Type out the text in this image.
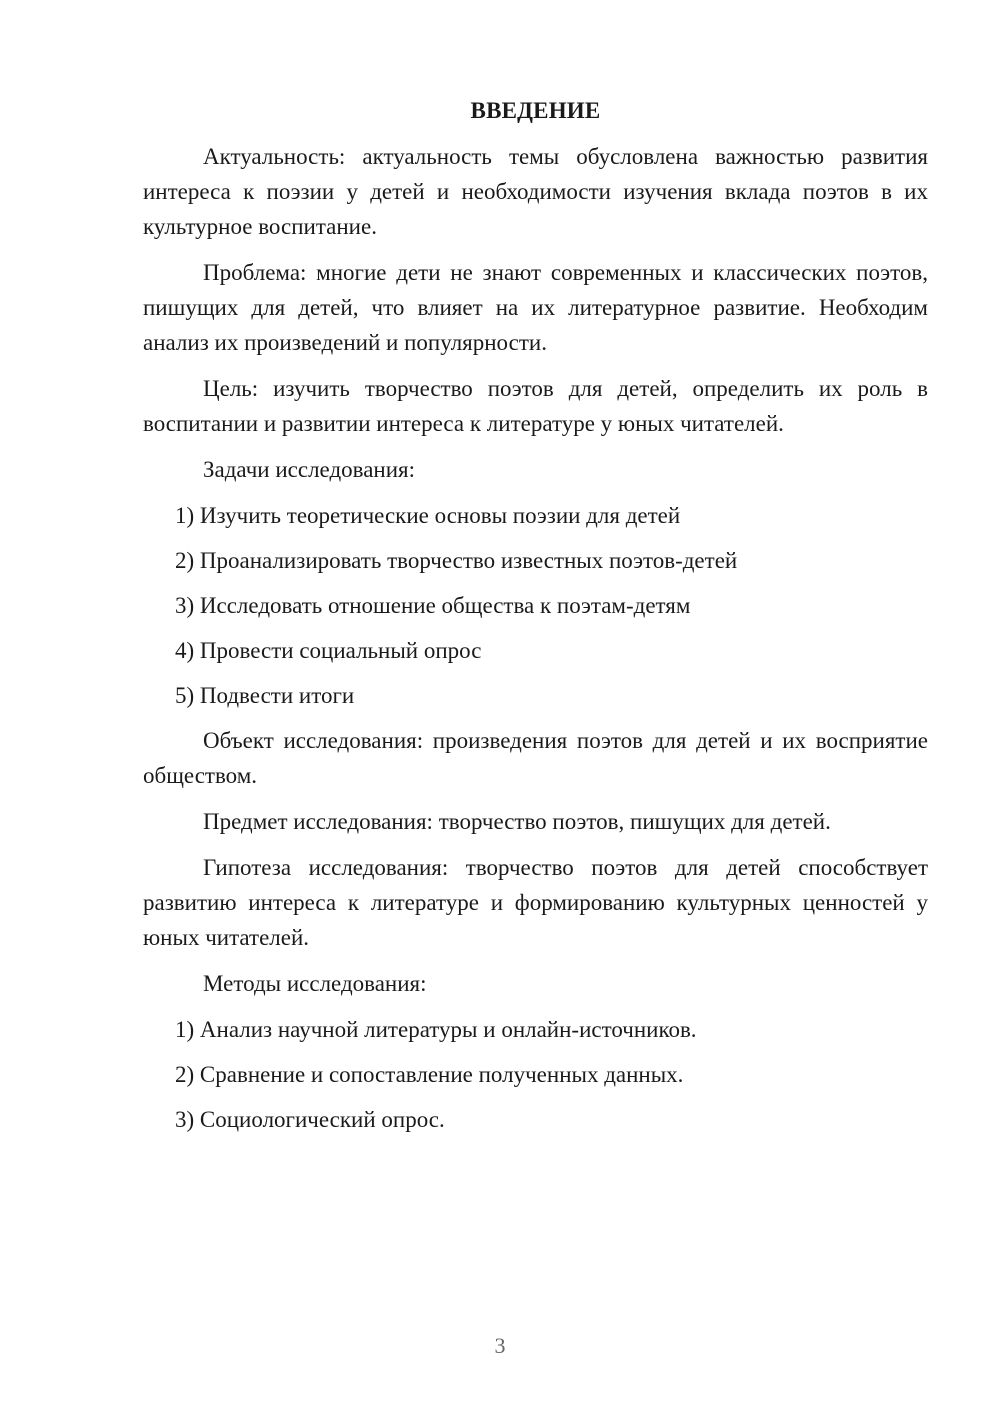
ВВЕДЕНИЕ

Актуальность: актуальность темы обусловлена важностью развития интереса к поэзии у детей и необходимости изучения вклада поэтов в их культурное воспитание.

Проблема: многие дети не знают современных и классических поэтов, пишущих для детей, что влияет на их литературное развитие. Необходим анализ их произведений и популярности.

Цель: изучить творчество поэтов для детей, определить их роль в воспитании и развитии интереса к литературе у юных читателей.

Задачи исследования:

1) Изучить теоретические основы поэзии для детей
2) Проанализировать творчество известных поэтов-детей
3) Исследовать отношение общества к поэтам-детям
4) Провести социальный опрос
5) Подвести итоги

Объект исследования: произведения поэтов для детей и их восприятие обществом.

Предмет исследования: творчество поэтов, пишущих для детей.

Гипотеза исследования: творчество поэтов для детей способствует развитию интереса к литературе и формированию культурных ценностей у юных читателей.

Методы исследования:

1) Анализ научной литературы и онлайн-источников.
2) Сравнение и сопоставление полученных данных.
3) Социологический опрос.
3
